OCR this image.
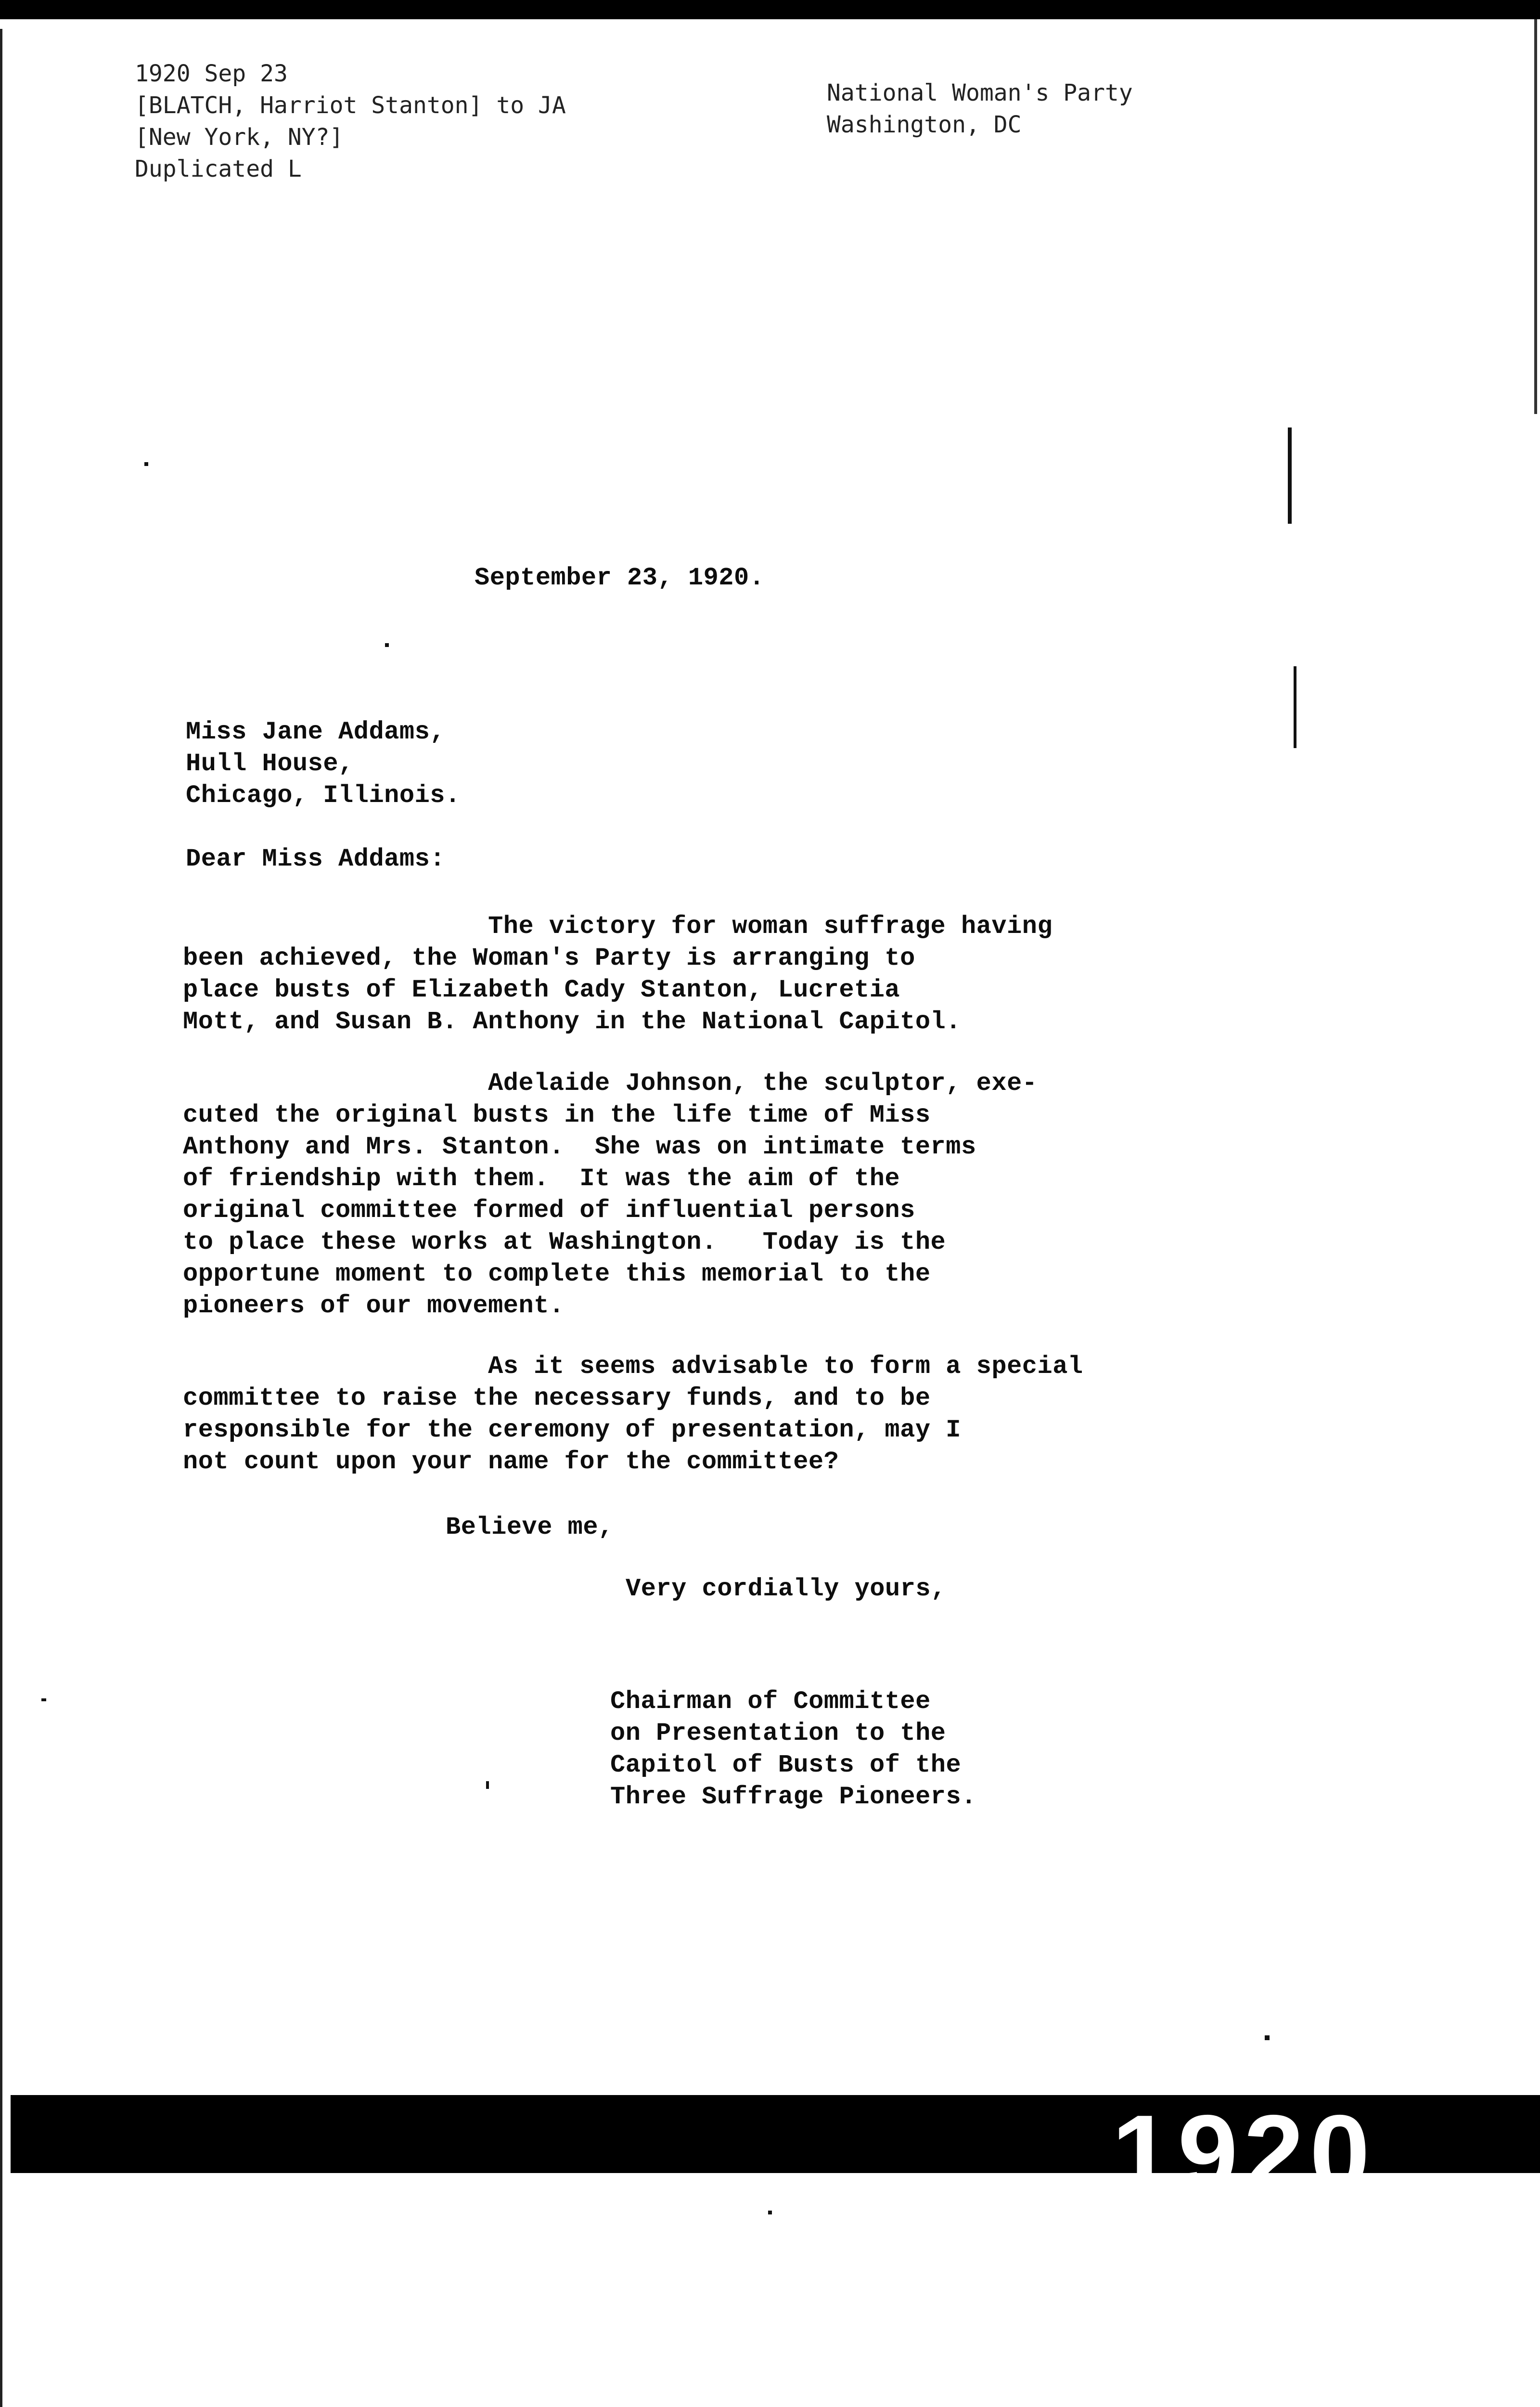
1920 Sep 23
[BLATCH, Harriot Stanton] to JA
[New York, NY?]
Duplicated L
National Woman's Party
Washington, DC
September 23, 1920.
Miss Jane Addams,
Hull House,
Chicago, Illinois.
Dear Miss Addams:
The victory for woman suffrage having
been achieved, the Woman's Party is arranging to
place busts of Elizabeth Cady Stanton, Lucretia
Mott, and Susan B. Anthony in the National Capitol.
Adelaide Johnson, the sculptor, exe-
cuted the original busts in the life time of Miss
Anthony and Mrs. Stanton.  She was on intimate terms
of friendship with them.  It was the aim of the
original committee formed of influential persons
to place these works at Washington.   Today is the
opportune moment to complete this memorial to the
pioneers of our movement.
As it seems advisable to form a special
committee to raise the necessary funds, and to be
responsible for the ceremony of presentation, may I
not count upon your name for the committee?
Believe me,
Very cordially yours,
Chairman of Committee
on Presentation to the
Capitol of Busts of the
Three Suffrage Pioneers.
1920
